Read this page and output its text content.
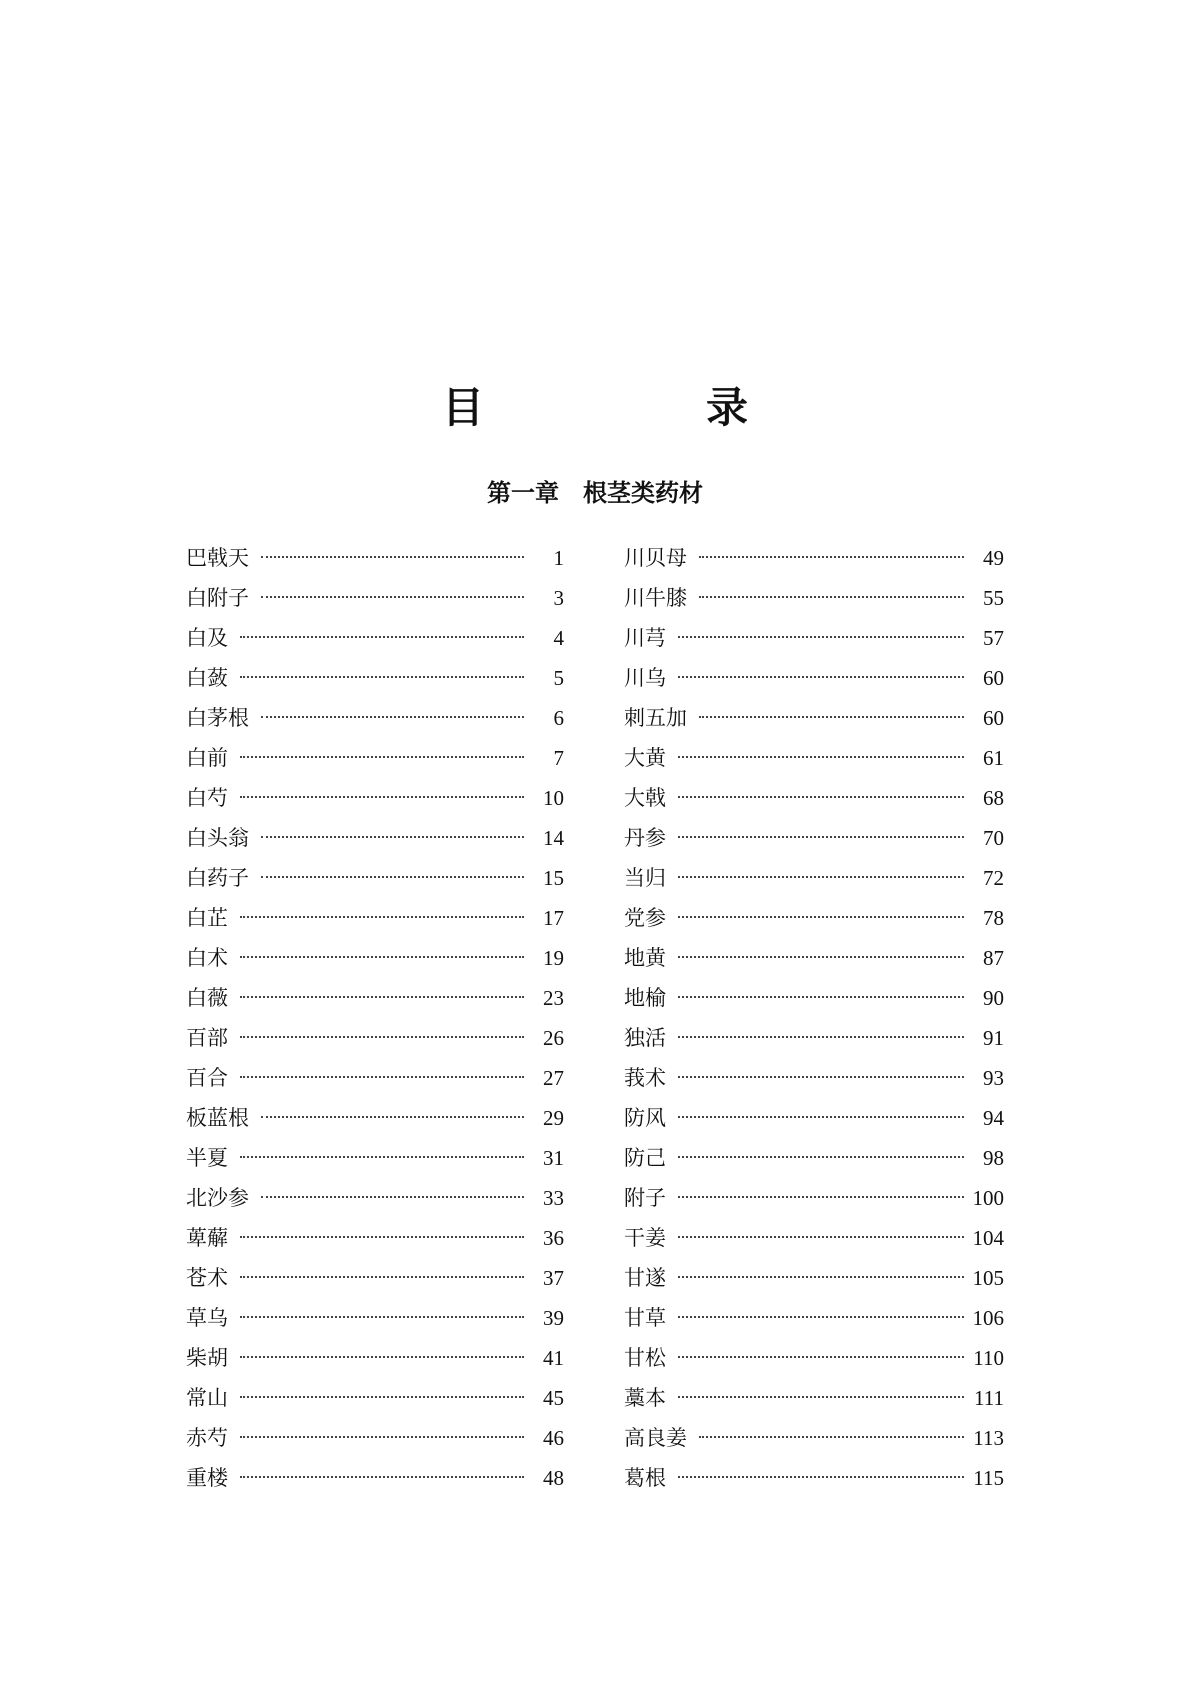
目　录
第一章　根茎类药材
巴戟天	1
白附子	3
白及	4
白蔹	5
白茅根	6
白前	7
白芍	10
白头翁	14
白药子	15
白芷	17
白术	19
白薇	23
百部	26
百合	27
板蓝根	29
半夏	31
北沙参	33
萆薢	36
苍术	37
草乌	39
柴胡	41
常山	45
赤芍	46
重楼	48
川贝母	49
川牛膝	55
川芎	57
川乌	60
刺五加	60
大黄	61
大戟	68
丹参	70
当归	72
党参	78
地黄	87
地榆	90
独活	91
莪术	93
防风	94
防己	98
附子	100
干姜	104
甘遂	105
甘草	106
甘松	110
藁本	111
高良姜	113
葛根	115
